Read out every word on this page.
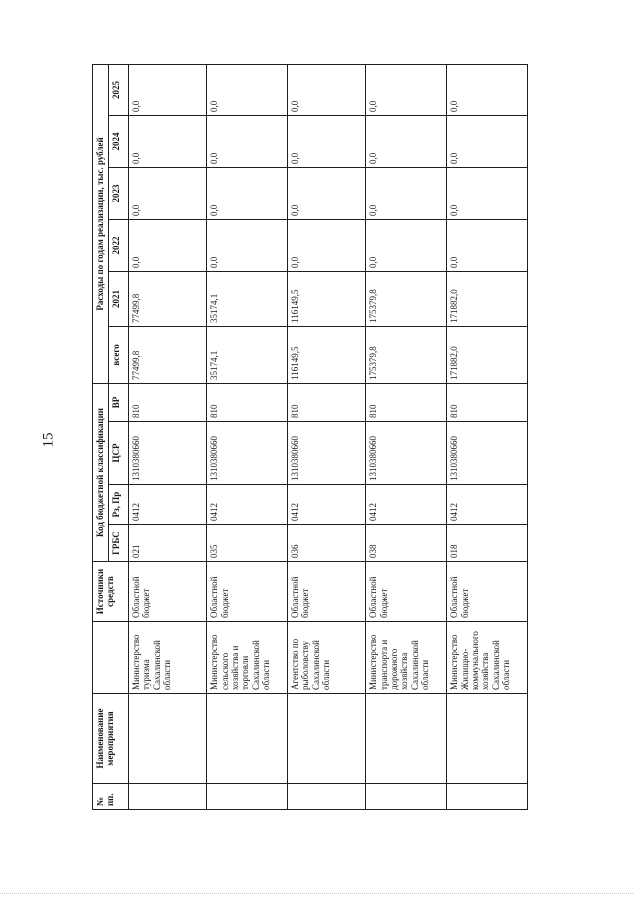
15
№ пп.	Наименование мероприятия		Источники средств	Код бюджетной классификации				Расходы по годам реализации, тыс. рублей					
				ГРБС	Рз, Пр	ЦСР	ВР	всего	2021	2022	2023	2024	2025
		Министерство туризма Сахалинской области	Областной бюджет	021	0412	1310380660	810	77499,8	77499,8	0,0	0,0	0,0	0,0
		Министерство сельского хозяйства и торговли Сахалинской области	Областной бюджет	035	0412	1310380660	810	35174,1	35174,1	0,0	0,0	0,0	0,0
		Агентство по рыболовству Сахалинской области	Областной бюджет	036	0412	1310380660	810	116149,5	116149,5	0,0	0,0	0,0	0,0
		Министерство транспорта и дорожного хозяйства Сахалинской области	Областной бюджет	038	0412	1310380660	810	175379,8	175379,8	0,0	0,0	0,0	0,0
		Министерство Жилищно-коммунального хозяйства Сахалинской области	Областной бюджет	018	0412	1310380660	810	171882,0	171882,0	0,0	0,0	0,0	0,0
